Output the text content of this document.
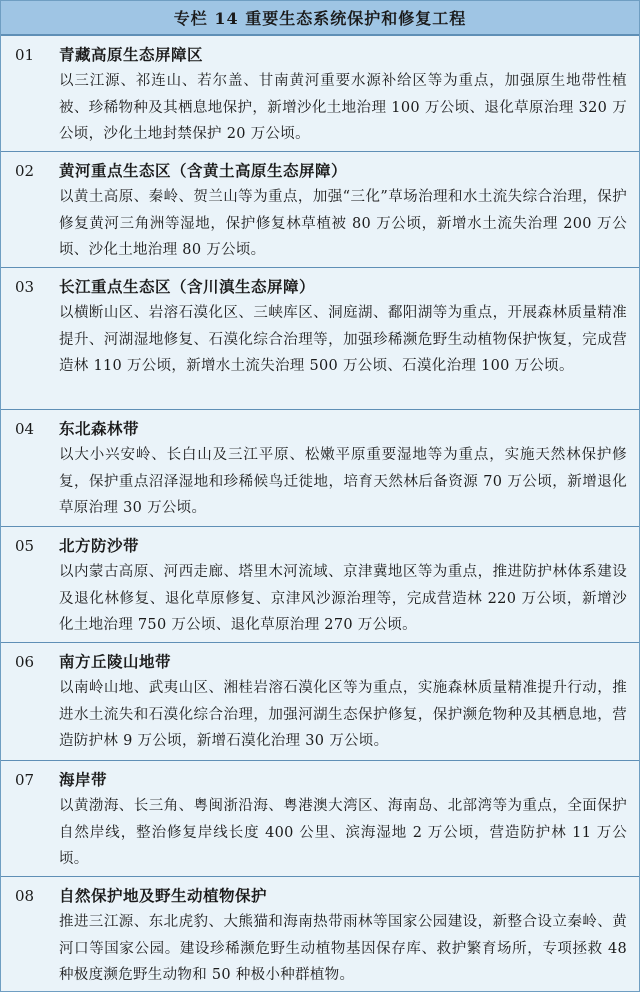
专栏 14 重要生态系统保护和修复工程
01	青藏高原生态屏障区
以三江源、祁连山、若尔盖、甘南黄河重要水源补给区等为重点，加强原生地带性植被、珍稀物种及其栖息地保护，新增沙化土地治理 100 万公顷、退化草原治理 320 万公顷，沙化土地封禁保护 20 万公顷。
02	黄河重点生态区（含黄土高原生态屏障）
以黄土高原、秦岭、贺兰山等为重点，加强“三化”草场治理和水土流失综合治理，保护修复黄河三角洲等湿地，保护修复林草植被 80 万公顷，新增水土流失治理 200 万公顷、沙化土地治理 80 万公顷。
03	长江重点生态区（含川滇生态屏障）
以横断山区、岩溶石漠化区、三峡库区、洞庭湖、鄱阳湖等为重点，开展森林质量精准提升、河湖湿地修复、石漠化综合治理等，加强珍稀濒危野生动植物保护恢复，完成营造林 110 万公顷，新增水土流失治理 500 万公顷、石漠化治理 100 万公顷。
04	东北森林带
以大小兴安岭、长白山及三江平原、松嫩平原重要湿地等为重点，实施天然林保护修复，保护重点沼泽湿地和珍稀候鸟迁徙地，培育天然林后备资源 70 万公顷，新增退化草原治理 30 万公顷。
05	北方防沙带
以内蒙古高原、河西走廊、塔里木河流域、京津冀地区等为重点，推进防护林体系建设及退化林修复、退化草原修复、京津风沙源治理等，完成营造林 220 万公顷，新增沙化土地治理 750 万公顷、退化草原治理 270 万公顷。
06	南方丘陵山地带
以南岭山地、武夷山区、湘桂岩溶石漠化区等为重点，实施森林质量精准提升行动，推进水土流失和石漠化综合治理，加强河湖生态保护修复，保护濒危物种及其栖息地，营造防护林 9 万公顷，新增石漠化治理 30 万公顷。
07	海岸带
以黄渤海、长三角、粤闽浙沿海、粤港澳大湾区、海南岛、北部湾等为重点，全面保护自然岸线，整治修复岸线长度 400 公里、滨海湿地 2 万公顷，营造防护林 11 万公顷。
08	自然保护地及野生动植物保护
推进三江源、东北虎豹、大熊猫和海南热带雨林等国家公园建设，新整合设立秦岭、黄河口等国家公园。建设珍稀濒危野生动植物基因保存库、救护繁育场所，专项拯救 48 种极度濒危野生动物和 50 种极小种群植物。
